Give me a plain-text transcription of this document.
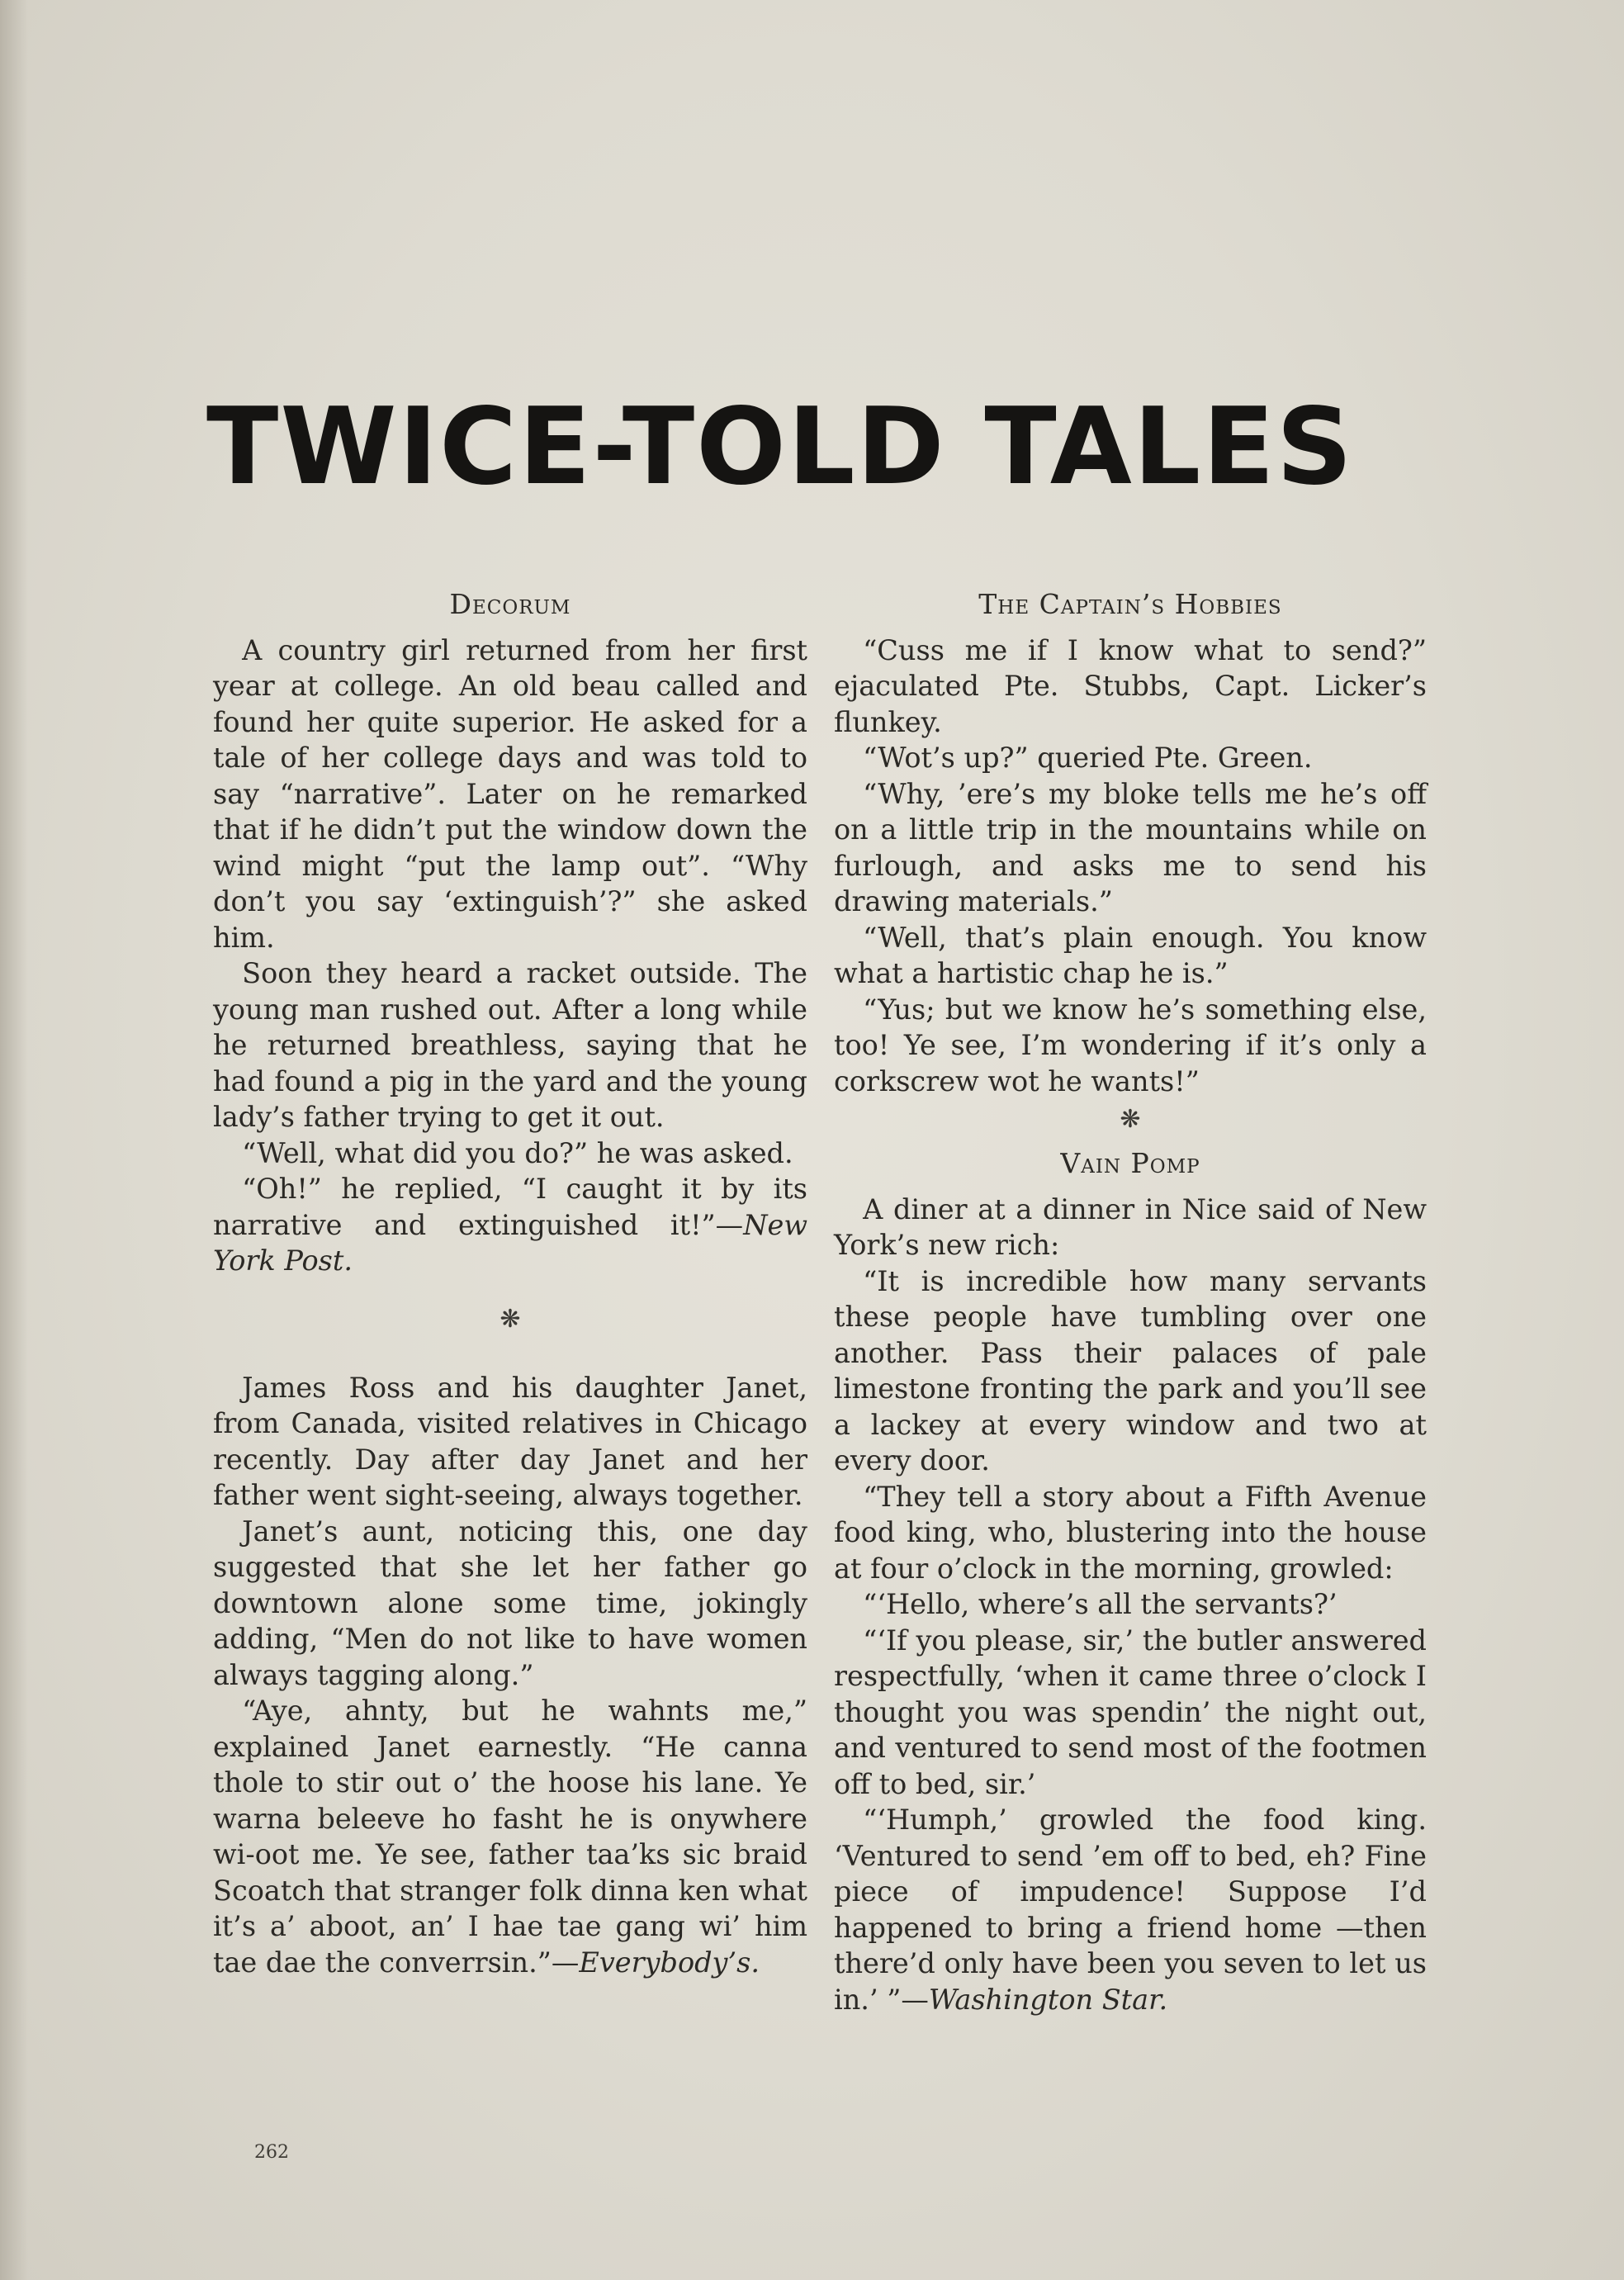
TWICE-TOLD TALES
Decorum

A country girl returned from her first year at college. An old beau called and found her quite superior. He asked for a tale of her college days and was told to say “narrative”. Later on he remarked that if he didn’t put the window down the wind might “put the lamp out”. “Why don’t you say ‘extinguish’?” she asked him.

Soon they heard a racket outside. The young man rushed out. After a long while he returned breathless, saying that he had found a pig in the yard and the young lady’s father trying to get it out.

“Well, what did you do?” he was asked.

“Oh!” he replied, “I caught it by its narrative and extinguished it!”—New York Post.

❋

James Ross and his daughter Janet, from Canada, visited relatives in Chicago recently. Day after day Janet and her father went sight-seeing, always together.

Janet’s aunt, noticing this, one day suggested that she let her father go downtown alone some time, jokingly adding, “Men do not like to have women always tagging along.”

“Aye, ahnty, but he wahnts me,” explained Janet earnestly. “He canna thole to stir out o’ the hoose his lane. Ye warna beleeve ho fasht he is onywhere wi-oot me. Ye see, father taa’ks sic braid Scoatch that stranger folk dinna ken what it’s a’ aboot, an’ I hae tae gang wi’ him tae dae the converrsin.”—Everybody’s.

The Captain’s Hobbies

“Cuss me if I know what to send?” ejaculated Pte. Stubbs, Capt. Licker’s flunkey.

“Wot’s up?” queried Pte. Green.

“Why, ’ere’s my bloke tells me he’s off on a little trip in the mountains while on furlough, and asks me to send his drawing materials.”

“Well, that’s plain enough. You know what a hartistic chap he is.”

“Yus; but we know he’s something else, too! Ye see, I’m wondering if it’s only a corkscrew wot he wants!”

❋
Vain Pomp

A diner at a dinner in Nice said of New York’s new rich:

“It is incredible how many servants these people have tumbling over one another. Pass their palaces of pale limestone fronting the park and you’ll see a lackey at every window and two at every door.

“They tell a story about a Fifth Avenue food king, who, blustering into the house at four o’clock in the morning, growled:

“‘Hello, where’s all the servants?’

“‘If you please, sir,’ the butler answered respectfully, ‘when it came three o’clock I thought you was spendin’ the night out, and ventured to send most of the footmen off to bed, sir.’

“‘Humph,’ growled the food king. ‘Ventured to send ’em off to bed, eh? Fine piece of impudence! Suppose I’d happened to bring a friend home —then there’d only have been you seven to let us in.’ ”—Washington Star.

262
